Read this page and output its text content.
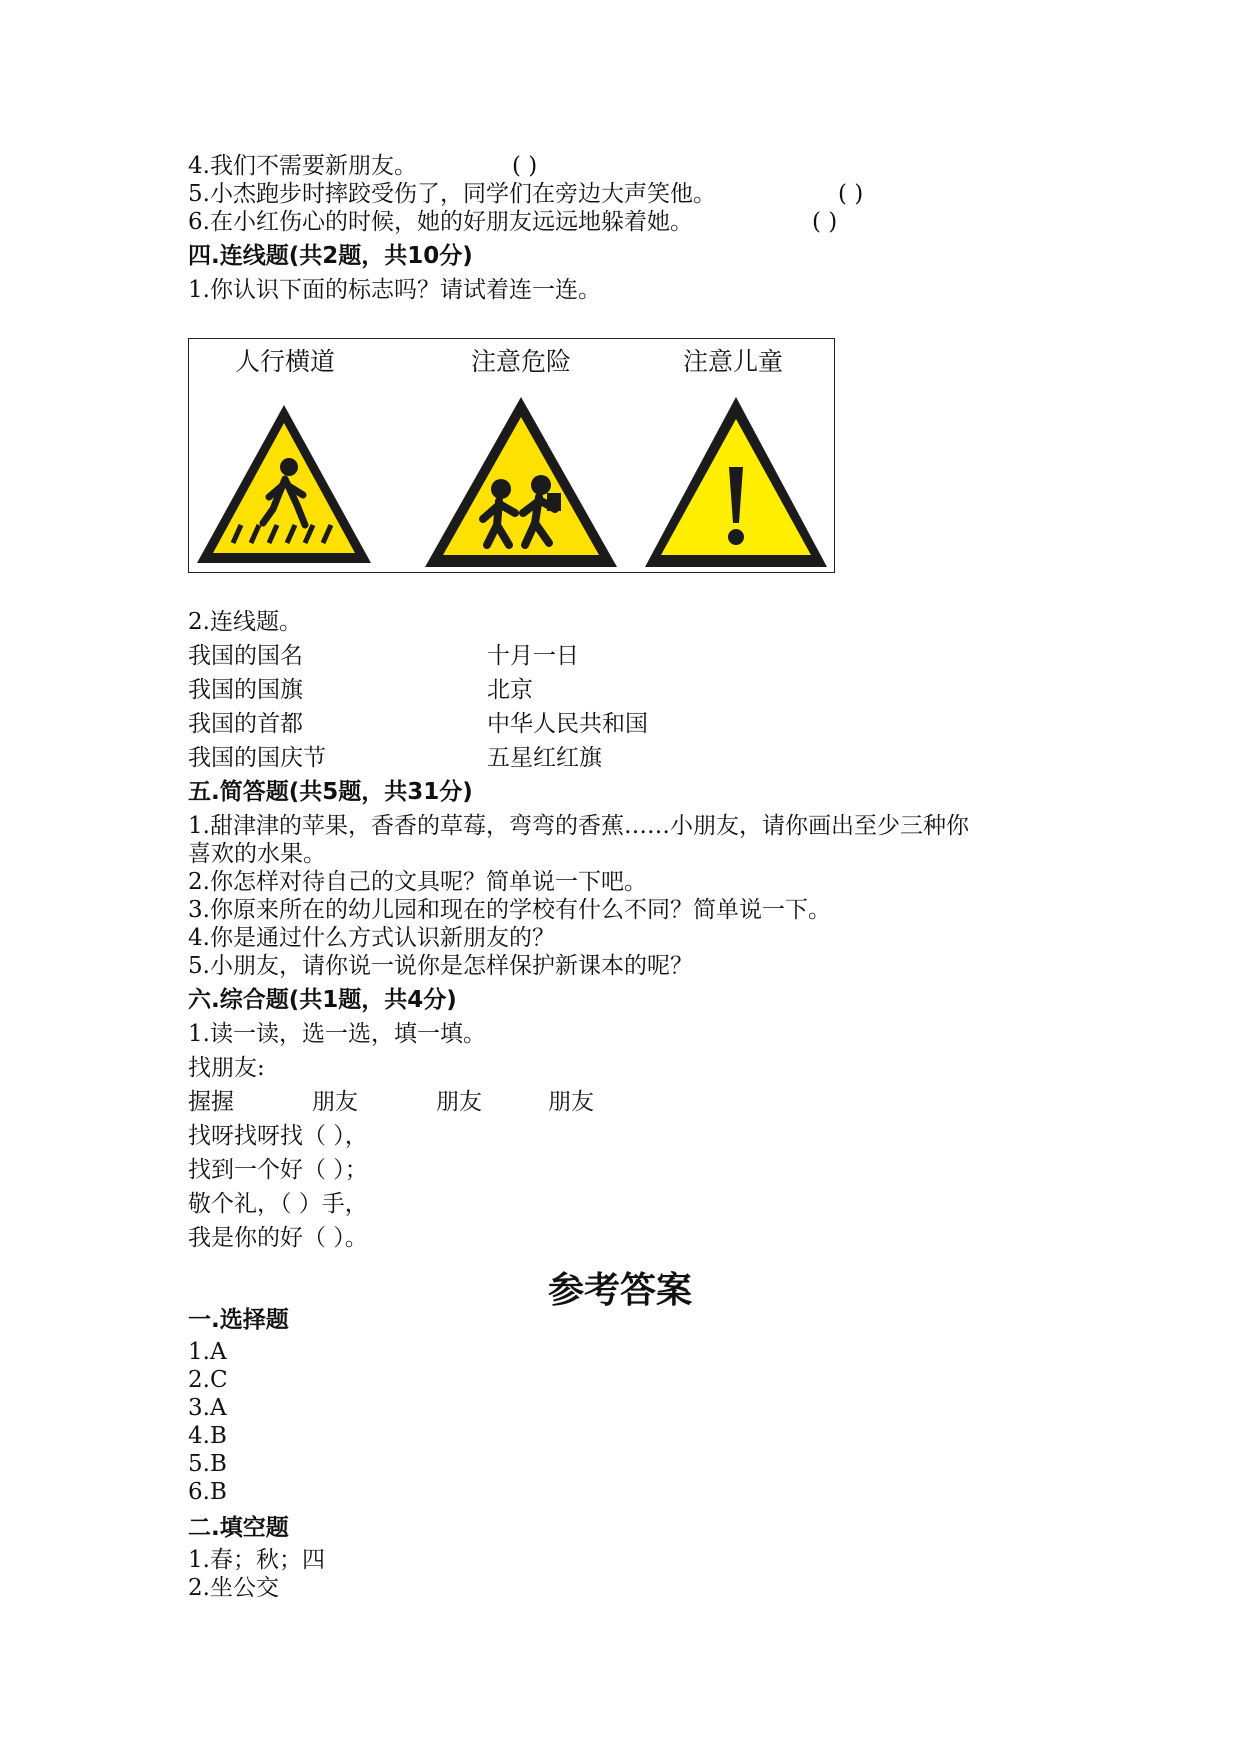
4.我们不需要新朋友。	( )
5.小杰跑步时摔跤受伤了，同学们在旁边大声笑他。	( )
6.在小红伤心的时候，她的好朋友远远地躲着她。	( )
四.连线题(共2题，共10分)
1.你认识下面的标志吗？请试着连一连。
人行横道	注意危险	注意儿童
2.连线题。
我国的国名	十月一日
我国的国旗	北京
我国的首都	中华人民共和国
我国的国庆节	五星红红旗
五.简答题(共5题，共31分)
1.甜津津的苹果，香香的草莓，弯弯的香蕉……小朋友，请你画出至少三种你
喜欢的水果。
2.你怎样对待自己的文具呢？简单说一下吧。
3.你原来所在的幼儿园和现在的学校有什么不同？简单说一下。
4.你是通过什么方式认识新朋友的？
5.小朋友，请你说一说你是怎样保护新课本的呢？
六.综合题(共1题，共4分)
1.读一读，选一选，填一填。
找朋友:
握握	朋友	朋友	朋友
找呀找呀找（ ），
找到一个好（ ）；
敬个礼，（ ）手，
我是你的好（ ）。
参考答案
一.选择题
1.A
2.C
3.A
4.B
5.B
6.B
二.填空题
1.春；秋；四
2.坐公交
